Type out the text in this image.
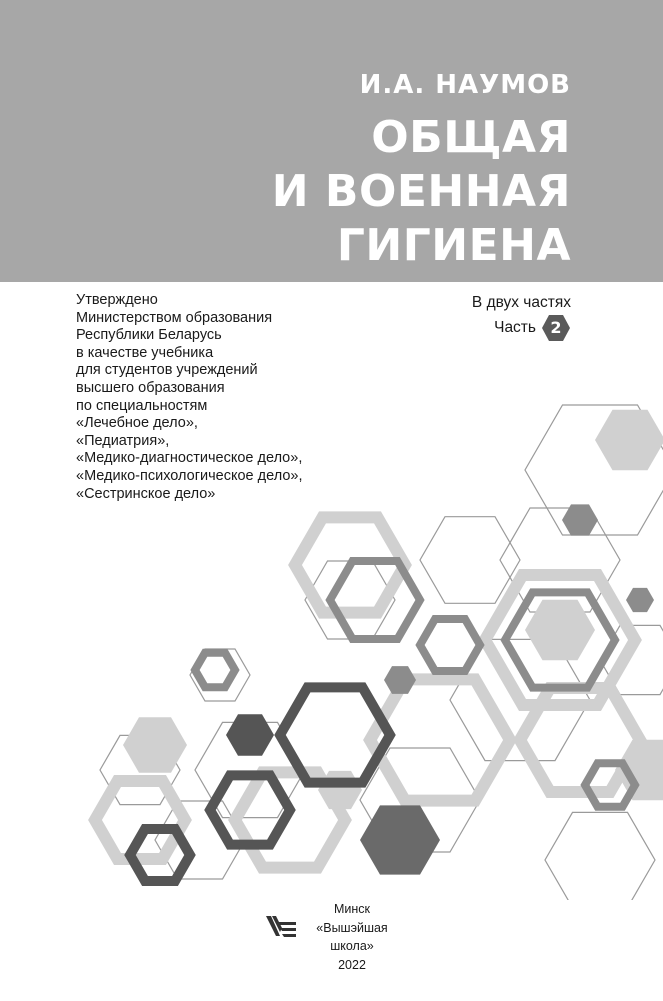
И.А. НАУМОВ
ОБЩАЯ
И ВОЕННАЯ
ГИГИЕНА
Утверждено
Министерством образования
Республики Беларусь
в качестве учебника
для студентов учреждений
высшего образования
по специальностям
«Лечебное дело»,
«Педиатрия»,
«Медико-диагностическое дело»,
«Медико-психологическое дело»,
«Сестринское дело»
В двух частях
Часть 2
Минск
«Вышэйшая школа»
2022
